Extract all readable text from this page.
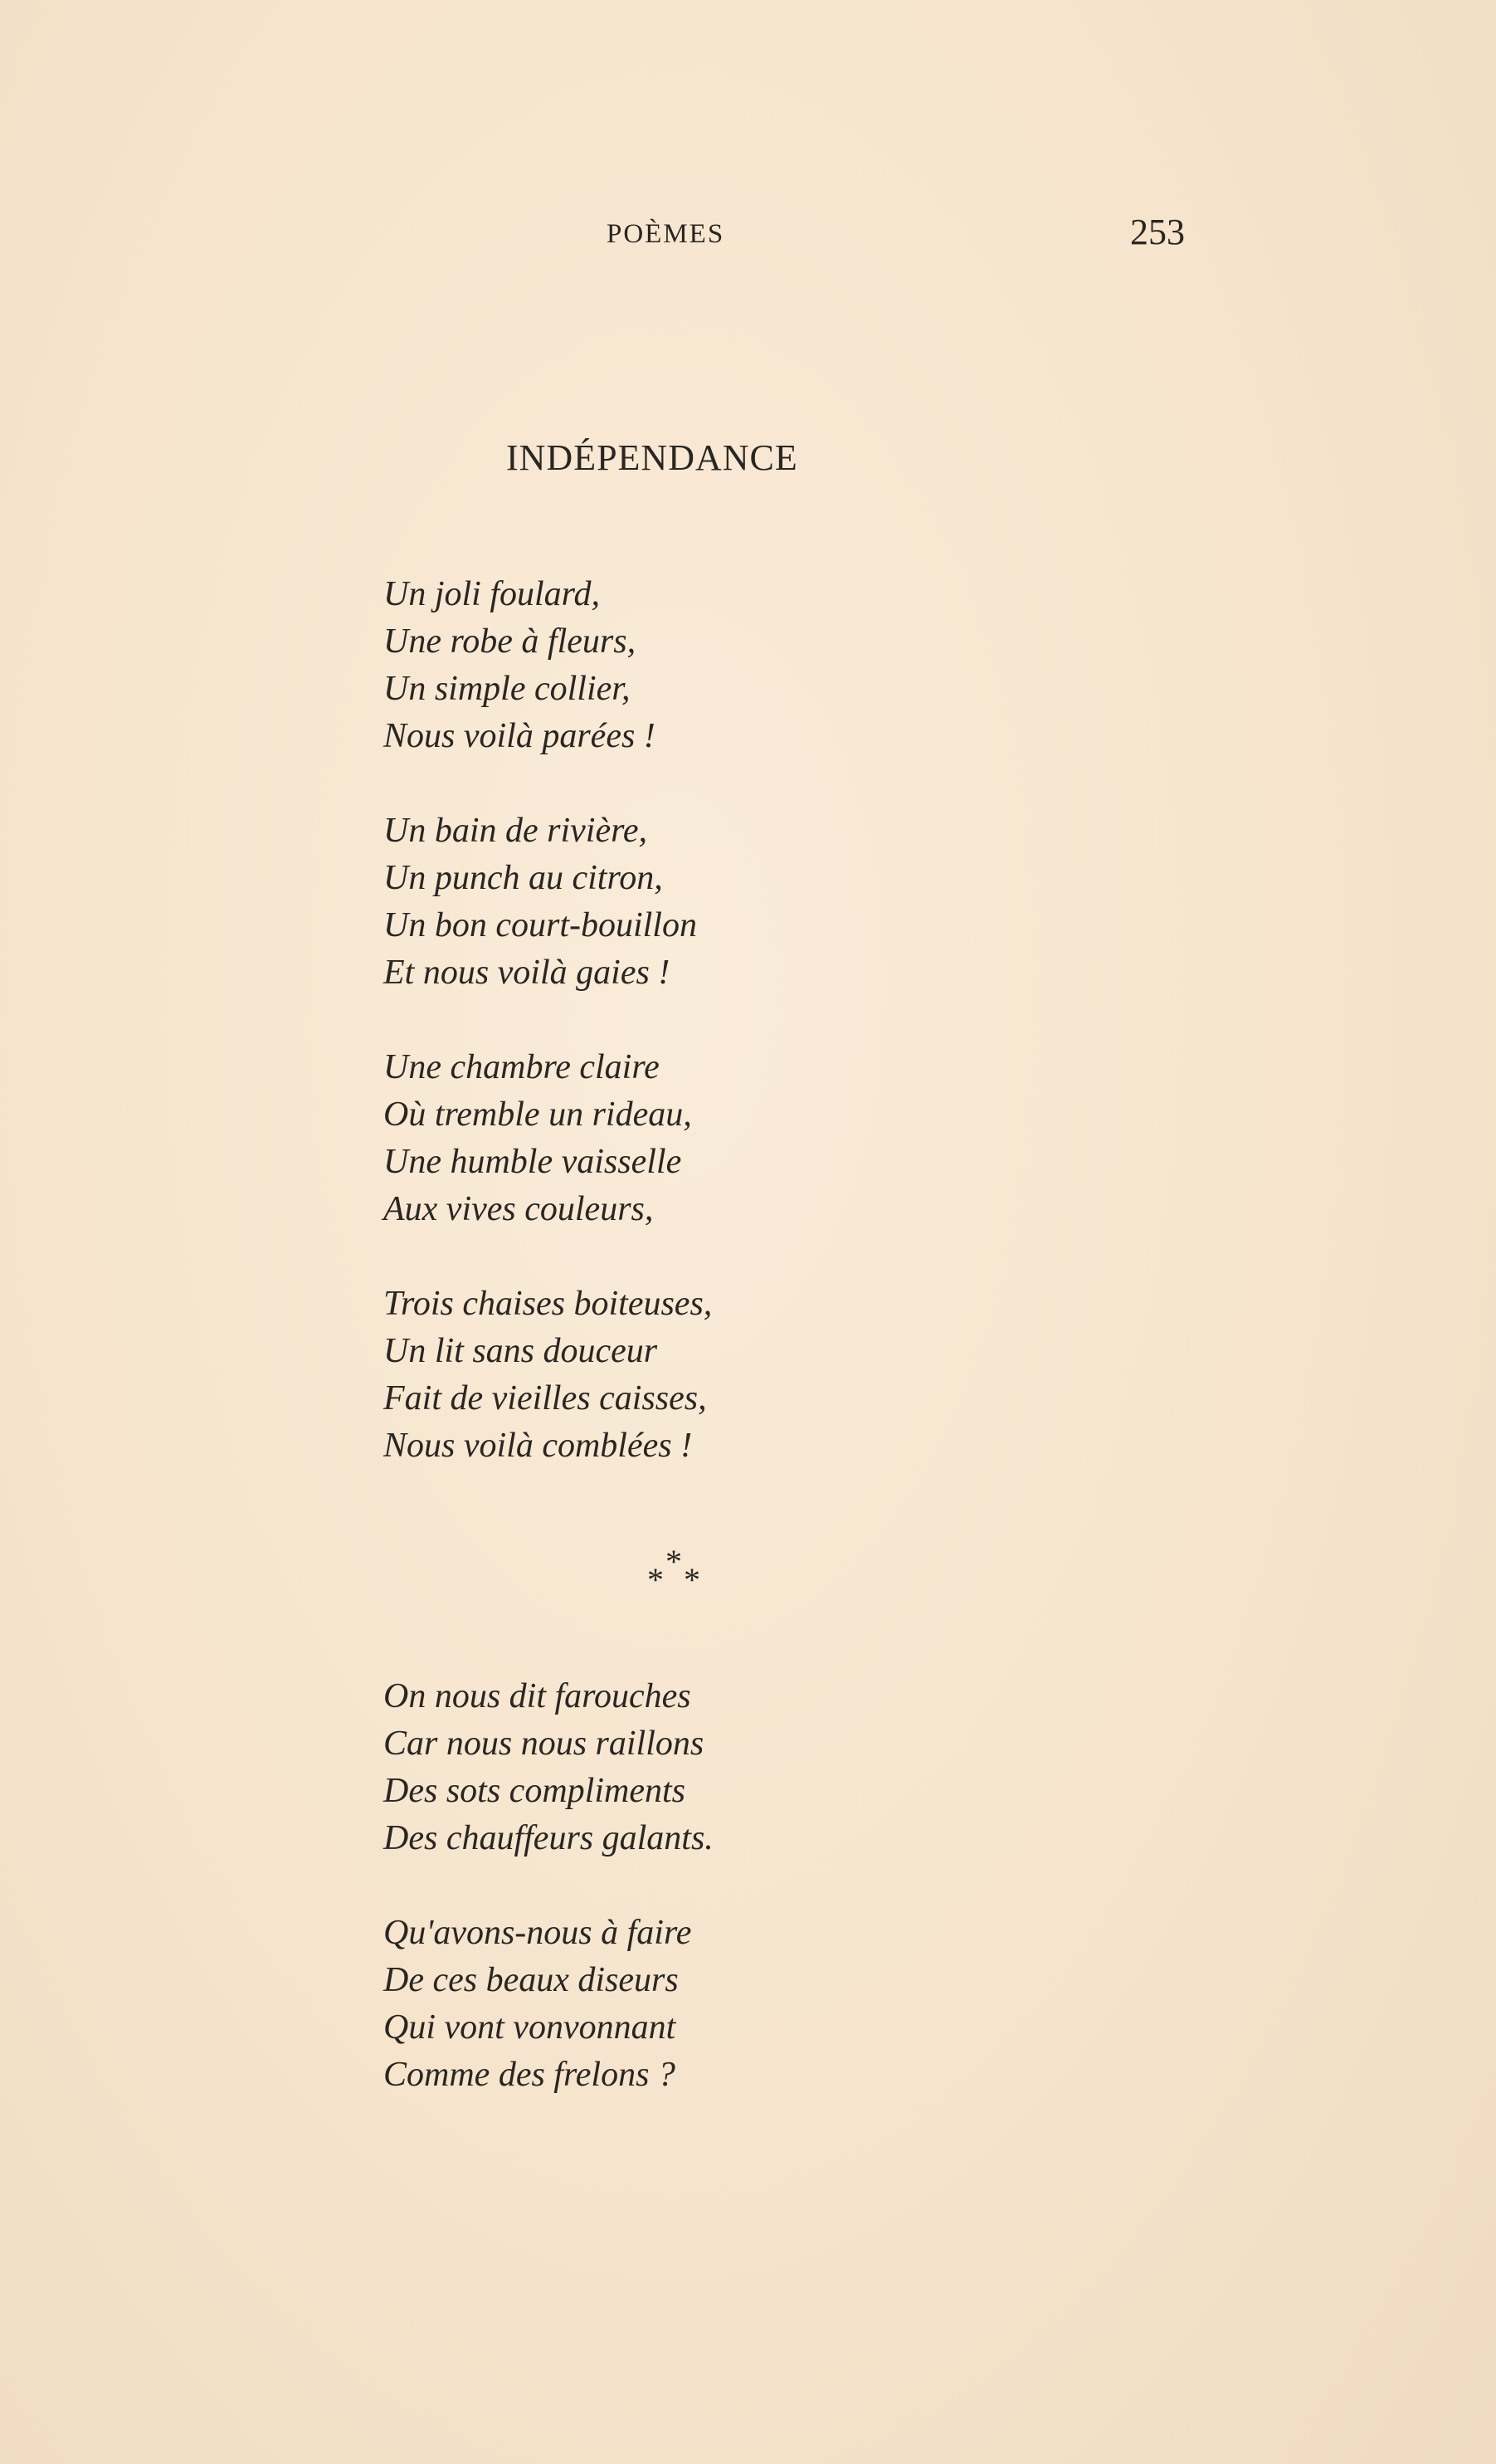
POÈMES	253
INDÉPENDANCE
Un joli foulard,
Une robe à fleurs,
Un simple collier,
Nous voilà parées !
Un bain de rivière,
Un punch au citron,
Un bon court-bouillon
Et nous voilà gaies !
Une chambre claire
Où tremble un rideau,
Une humble vaisselle
Aux vives couleurs,
Trois chaises boiteuses,
Un lit sans douceur
Fait de vieilles caisses,
Nous voilà comblées !
*
* *
On nous dit farouches
Car nous nous raillons
Des sots compliments
Des chauffeurs galants.
Qu'avons-nous à faire
De ces beaux diseurs
Qui vont vonvonnant
Comme des frelons ?
